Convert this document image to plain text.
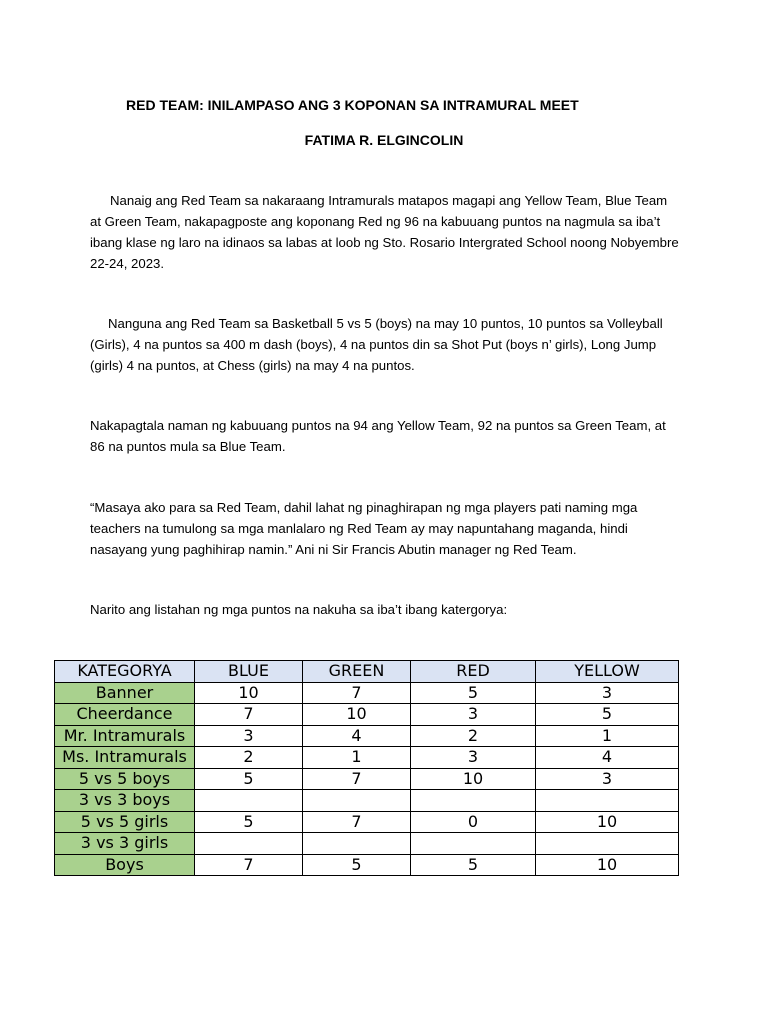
RED TEAM: INILAMPASO ANG 3 KOPONAN SA INTRAMURAL MEET
FATIMA R. ELGINCOLIN

Nanaig ang Red Team sa nakaraang Intramurals matapos magapi ang Yellow Team, Blue Team at Green Team, nakapagposte ang koponang Red ng 96 na kabuuang puntos na nagmula sa iba’t ibang klase ng laro na idinaos sa labas at loob ng Sto. Rosario Intergrated School noong Nobyembre 22-24, 2023.

Nanguna ang Red Team sa Basketball 5 vs 5 (boys) na may 10 puntos, 10 puntos sa Volleyball (Girls), 4 na puntos sa 400 m dash (boys), 4 na puntos din sa Shot Put (boys n’ girls), Long Jump (girls) 4 na puntos, at Chess (girls) na may 4 na puntos.

Nakapagtala naman ng kabuuang puntos na 94 ang Yellow Team, 92 na puntos sa Green Team, at 86 na puntos mula sa Blue Team.

“Masaya ako para sa Red Team, dahil lahat ng pinaghirapan ng mga players pati naming mga teachers na tumulong sa mga manlalaro ng Red Team ay may napuntahang maganda, hindi nasayang yung paghihirap namin.” Ani ni Sir Francis Abutin manager ng Red Team.

Narito ang listahan ng mga puntos na nakuha sa iba’t ibang katergorya:

KATEGORYA	BLUE	GREEN	RED	YELLOW
Banner	10	7	5	3
Cheerdance	7	10	3	5
Mr. Intramurals	3	4	2	1
Ms. Intramurals	2	1	3	4
5 vs 5 boys	5	7	10	3
3 vs 3 boys				
5 vs 5 girls	5	7	0	10
3 vs 3 girls				
Boys	7	5	5	10
